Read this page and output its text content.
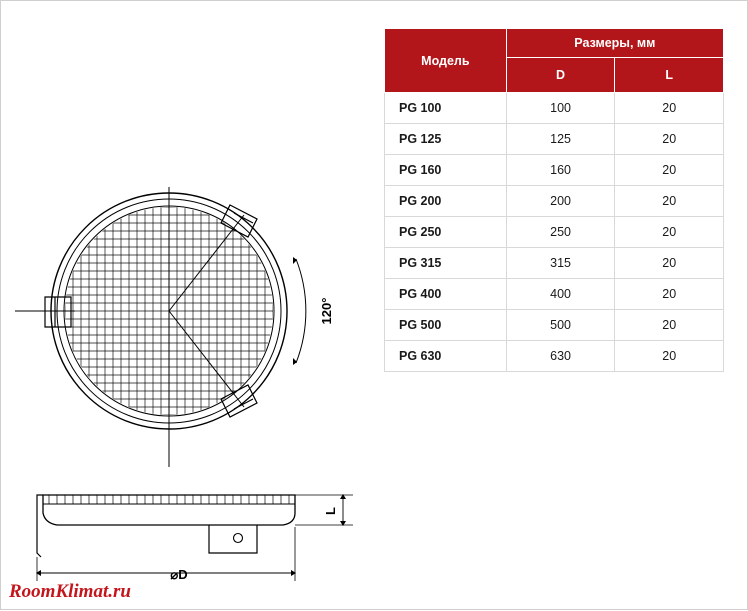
120°
L
⌀D
Модель	Размеры, мм	
	D	L
PG 100	100	20
PG 125	125	20
PG 160	160	20
PG 200	200	20
PG 250	250	20
PG 315	315	20
PG 400	400	20
PG 500	500	20
PG 630	630	20
RoomKlimat.ru
